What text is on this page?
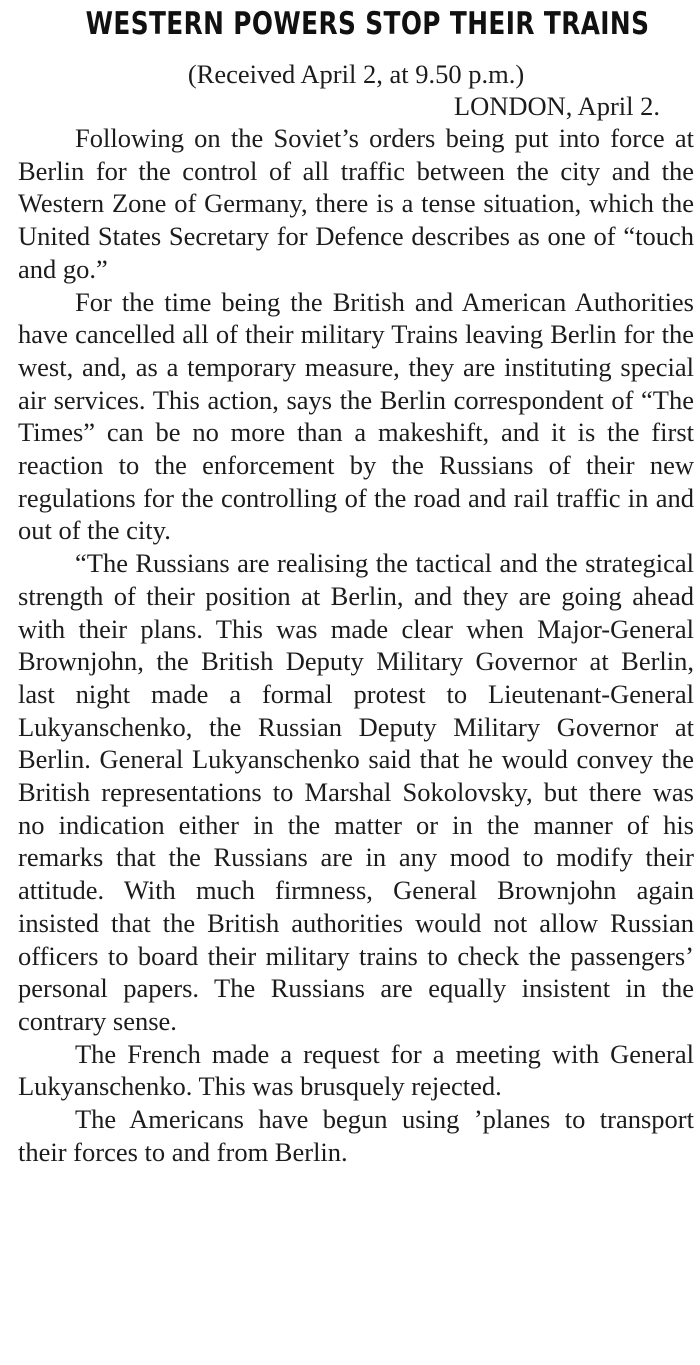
WESTERN POWERS STOP THEIR TRAINS
(Received April 2, at 9.50 p.m.)
LONDON, April 2.

Following on the Soviet’s orders being put into force at Berlin for the control of all traffic between the city and the Western Zone of Germany, there is a tense situation, which the United States Secretary for Defence describes as one of “touch and go.”

For the time being the British and American Authorities have cancelled all of their military Trains leaving Berlin for the west, and, as a temporary measure, they are instituting special air services. This action, says the Berlin correspondent of “The Times” can be no more than a makeshift, and it is the first reaction to the enforcement by the Russians of their new regulations for the controlling of the road and rail traffic in and out of the city.

“The Russians are realising the tactical and the strategical strength of their position at Berlin, and they are going ahead with their plans. This was made clear when Major-General Brownjohn, the British Deputy Military Governor at Berlin, last night made a formal protest to Lieutenant-General Lukyanschenko, the Russian Deputy Military Governor at Berlin. General Lukyanschenko said that he would convey the British representations to Marshal Sokolovsky, but there was no indication either in the matter or in the manner of his remarks that the Russians are in any mood to modify their attitude. With much firmness, General Brownjohn again insisted that the British authorities would not allow Russian officers to board their military trains to check the passengers’ personal papers. The Russians are equally insistent in the contrary sense.

The French made a request for a meeting with General Lukyanschenko. This was brusquely rejected.

The Americans have begun using ’planes to transport their forces to and from Berlin.
